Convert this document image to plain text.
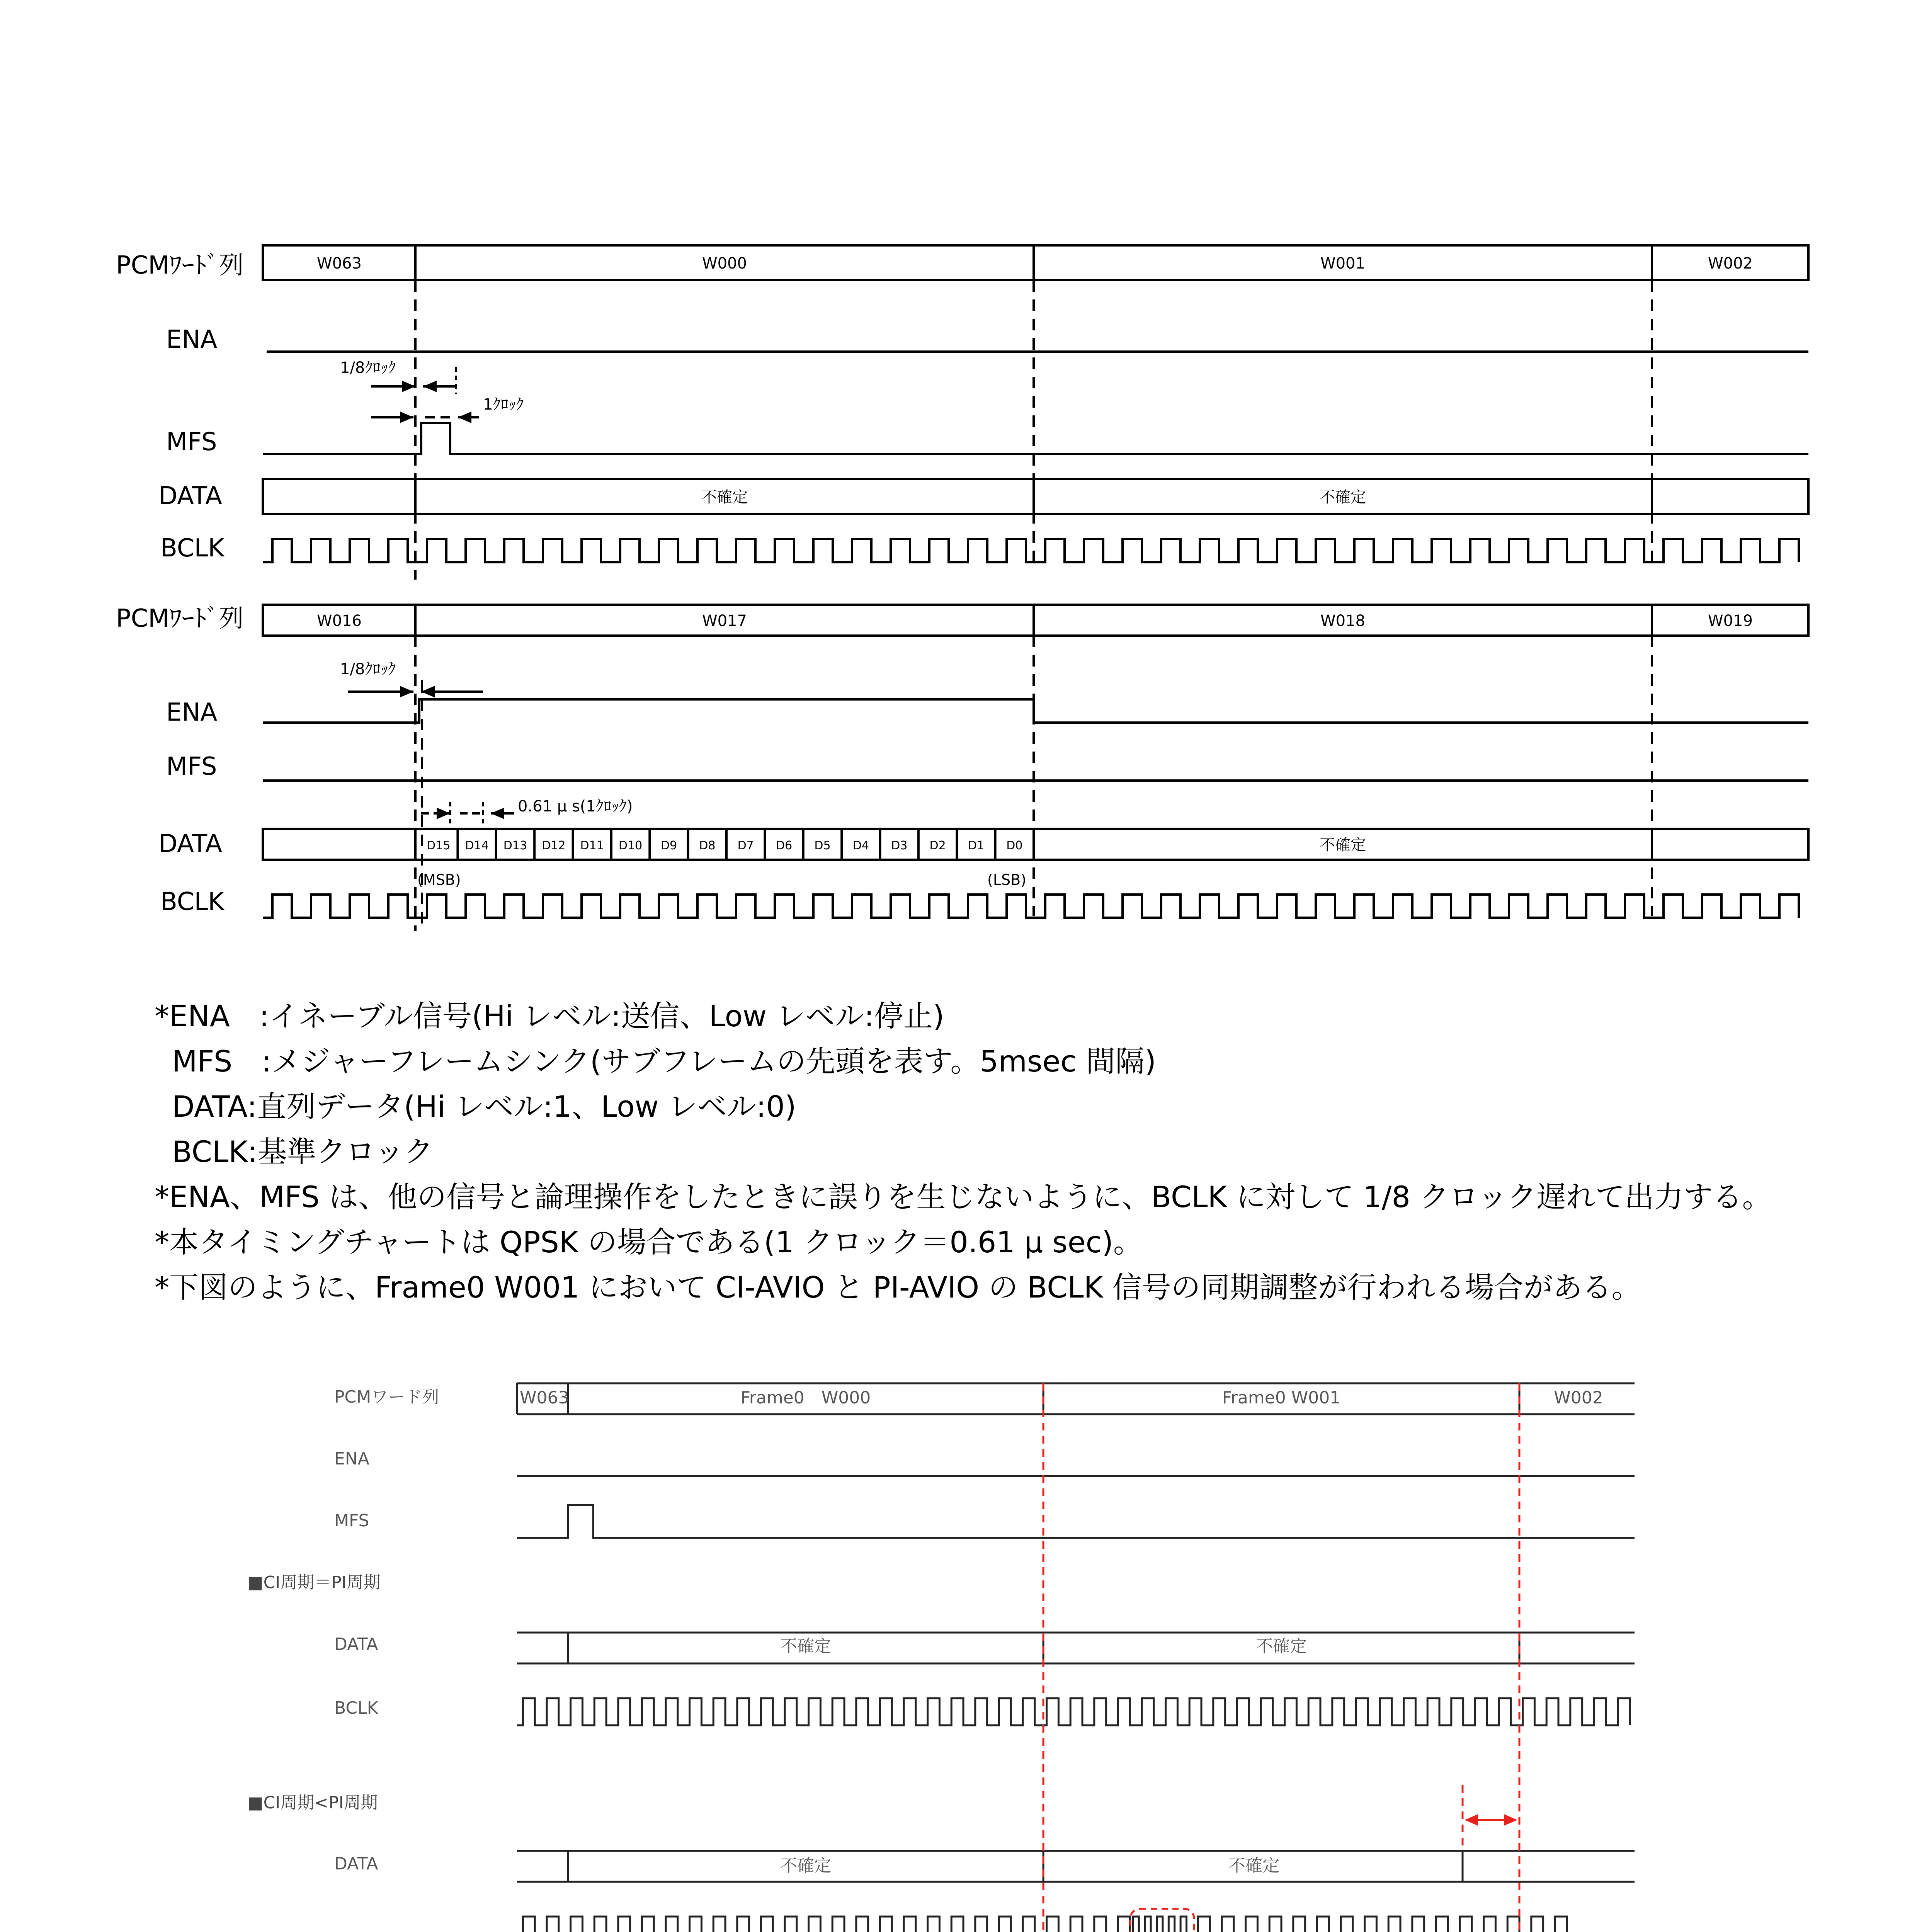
PCMﾜｰﾄﾞ列	W063	W000	W001	W002
ENA
1/8ｸﾛｯｸ
1ｸﾛｯｸ
MFS
DATA	不確定	不確定
BCLK
PCMﾜｰﾄﾞ列	W016	W017	W018	W019
1/8ｸﾛｯｸ
ENA
MFS
0.61 μ s(1ｸﾛｯｸ)
DATA	D15 D14 D13 D12 D11 D10 D9 D8 D7 D6 D5 D4 D3 D2 D1 D0	不確定
(MSB)	(LSB)
BCLK
PCMワード列	W063	Frame0　W000	Frame0 W001	W002
ENA
MFS
■CI周期＝PI周期
DATA	不確定	不確定
BCLK
■CI周期<PI周期
DATA	不確定	不確定
*ENA　:イネーブル信号(Hi レベル:送信、Low レベル:停止)
MFS　:メジャーフレームシンク(サブフレームの先頭を表す。5msec 間隔)
DATA:直列データ(Hi レベル:1、Low レベル:0)
BCLK:基準クロック
*ENA、MFS は、他の信号と論理操作をしたときに誤りを生じないように、BCLK に対して 1/8 クロック遅れて出力する。
*本タイミングチャートは QPSK の場合である(1 クロック＝0.61 μ sec)。
*下図のように、Frame0 W001 において CI-AVIO と PI-AVIO の BCLK 信号の同期調整が行われる場合がある。
